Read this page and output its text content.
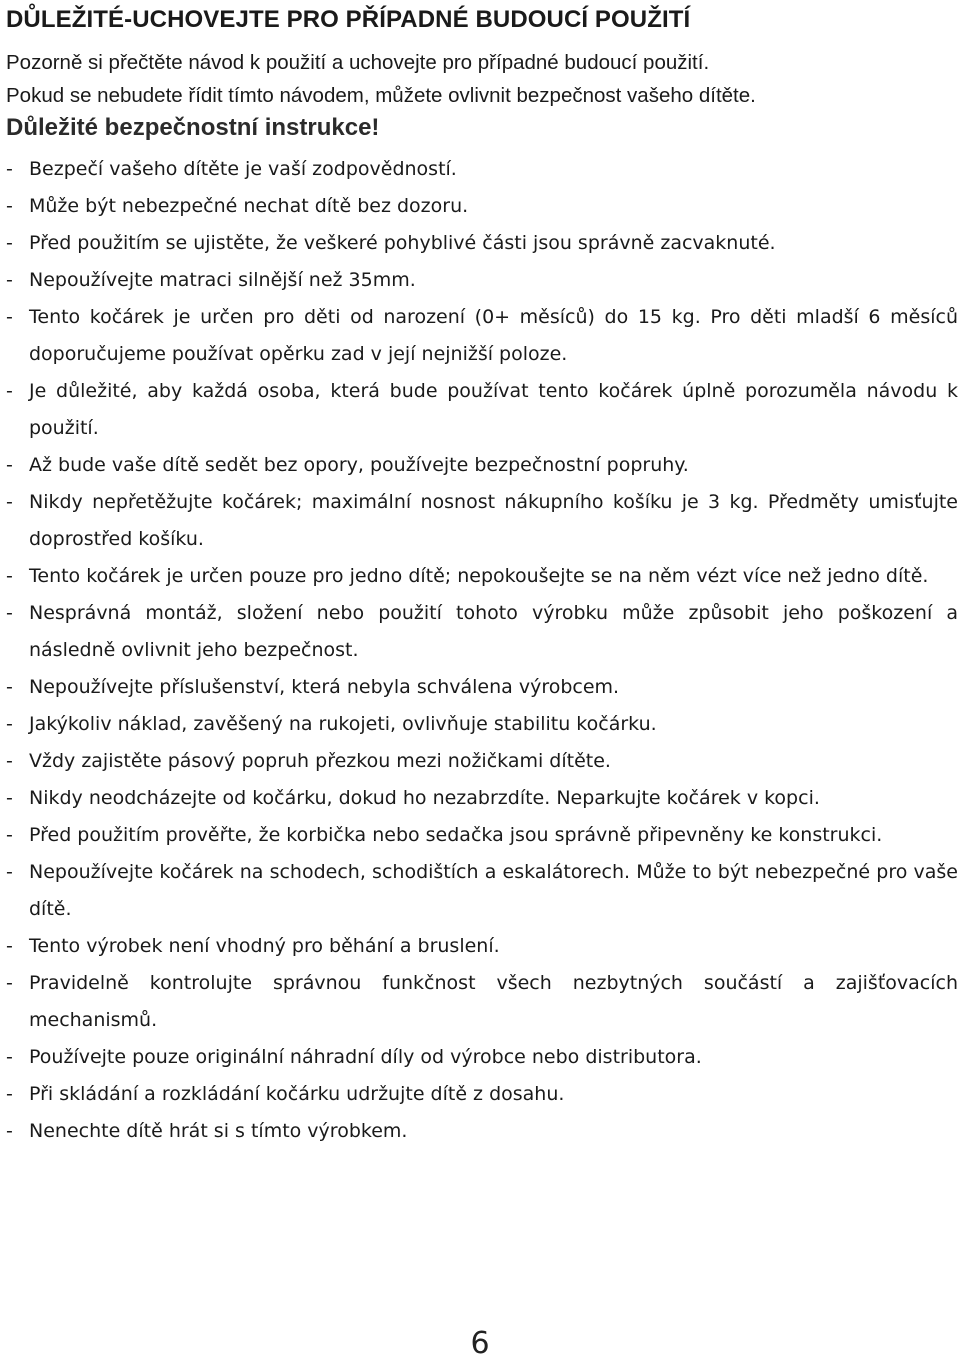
DŮLEŽITÉ-UCHOVEJTE PRO PŘÍPADNÉ BUDOUCÍ POUŽITÍ

Pozorně si přečtěte návod k použití a uchovejte pro případné budoucí použití.
Pokud se nebudete řídit tímto návodem, můžete ovlivnit bezpečnost vašeho dítěte.

Důležité bezpečnostní instrukce!
- Bezpečí vašeho dítěte je vaší zodpovědností.
- Může být nebezpečné nechat dítě bez dozoru.
- Před použitím se ujistěte, že veškeré pohyblivé části jsou správně zacvaknuté.
- Nepoužívejte matraci silnější než 35mm.
- Tento kočárek je určen pro děti od narození (0+ měsíců) do 15 kg. Pro děti mladší 6 měsíců doporučujeme používat opěrku zad v její nejnižší poloze.
- Je důležité, aby každá osoba, která bude používat tento kočárek úplně porozuměla návodu k použití.
- Až bude vaše dítě sedět bez opory, používejte bezpečnostní popruhy.
- Nikdy nepřetěžujte kočárek; maximální nosnost nákupního košíku je 3 kg. Předměty umisťujte doprostřed košíku.
- Tento kočárek je určen pouze pro jedno dítě; nepokoušejte se na něm vézt více než jedno dítě.
- Nesprávná montáž, složení nebo použití tohoto výrobku může způsobit jeho poškození a následně ovlivnit jeho bezpečnost.
- Nepoužívejte příslušenství, která nebyla schválena výrobcem.
- Jakýkoliv náklad, zavěšený na rukojeti, ovlivňuje stabilitu kočárku.
- Vždy zajistěte pásový popruh přezkou mezi nožičkami dítěte.
- Nikdy neodcházejte od kočárku, dokud ho nezabrzdíte. Neparkujte kočárek v kopci.
- Před použitím prověřte, že korbička nebo sedačka jsou správně připevněny ke konstrukci.
- Nepoužívejte kočárek na schodech, schodištích a eskalátorech. Může to být nebezpečné pro vaše dítě.
- Tento výrobek není vhodný pro běhání a bruslení.
- Pravidelně kontrolujte správnou funkčnost všech nezbytných součástí a zajišťovacích mechanismů.
- Používejte pouze originální náhradní díly od výrobce nebo distributora.
- Při skládání a rozkládání kočárku udržujte dítě z dosahu.
- Nenechte dítě hrát si s tímto výrobkem.
6
